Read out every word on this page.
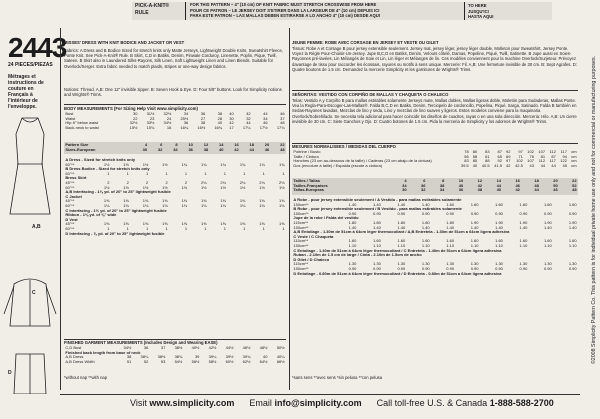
PICK-A-KNIT®
RULE
FOR THIS PATTERN – 4" (10 cm) OF KNIT FABRIC MUST STRETCH CROSSWISE FROM HERE
POUR CE PATRON – LE JERSEY DOIT S'ETIRER DANS LA LARGEUR DE 4" (10 cm) DEPUIS ICI
PARA ESTE PATRON – LAS MALLAS DEBEN ESTIRARSE A LO ANCHO 4" (10 cm) DESDE AQUI
TO HERE
JUSQU'ICI
HASTA AQUI
2443
24 PIECES/PIEZAS
Métrages et instructions de couture en Français à l'intérieur de l'enveloppe.
A,B
C
D
MISSES' DRESS WITH KNIT BODICE AND JACKET OR VEST
Fabrics: A Dress and B Bodice Sized for stretch knits only Matte Jerseys, Lightweight Double Knits, Sweatshirt Fleece, Ponte Knit. See Pick-A-Knit® Rule. B Skirt, C,D in Batiks, Denim, Pinwale Corduroy, Linenette, Poplin, Pique, Twill, Sateen. B Skirt also in Laundered Silks-Rayons, Silk Linen, Soft Lightweight Linen and Linen Blends. Suitable for Overlock/Serger. Extra fabric needed to match plaids, stripes or one-way design fabrics.
Notions: Thread. A,B: One 12" invisible zipper. B: Seven Hook & Eye. D: Four 5/8" buttons. Look for Simplicity notions and Wrights® Trims.
BODY MEASUREMENTS (For Sizing Help Visit www.simplicity.com)
Bust	30	31½	32½	34	36	38	40	42	44	46
Waist	22	23	24	25½	27	28	30	32	34	37
Hip-9" below waist	32½	33½	34½	36	38	40	42	44	46	48
Back-neck to waist	15½	15¾	16	16¼	16½	16¾	17	17¼	17½	17¾
Pattern Size	4	6	8	10	12	14	16	18	20	22
Sizes-European	30	32	34	36	38	40	42	44	46	48
A Dress - Sized for stretch knits only										
60"**	1½	1½	1½	1½	1¾	1¾	1¾	1¾	1¾	1¾
B Dress Bodice - Sized for stretch knits only										
60"**	1	1	1	1	1	1	1	1	1	1
Bress Skirt										
45"**	2	2	2	2	2	2⅛	2⅛	2⅛	2⅛	2⅛
60"**	1½	1½	1½	1½	1½	1½	1½	1½	1½	1½
A,B Interfacing - 1⅜ yd. of 20" to 25" lightweight fusible										
C Jacket										
45"**	1⅜	1⅜	1⅜	1⅜	1⅜	1⅜	1⅜	1⅜	1⅜	1⅜
60"**	1⅛	1⅛	1⅛	1⅛	1⅛	1⅛	1⅛	1⅛	1⅛	1⅛
C Interfacing - 1½ yd. of 20" to 25" lightweight fusible										
Ribbon - 1⅜ yd. of ⅜" wide										
D Vest										
45"**	1⅝	1⅝	1⅝	1⅝	1⅝	1⅝	1⅝	1⅝	1⅝	1⅝
60"**	1	1	1	1	1	1	1	1	1	1
D Interfacing - ⅞ yd. of 20" to 25" lightweight fusible										
FINISHED GARMENT MEASUREMENTS (Includes Design and Wearing EASE)
C,D Bust	34½	36	37	38½	40½	42½	44½	46½	48½	50½
Finished back length from base of neck										
A,B Dress	38	38¼	38½	38¾	39	39¼	39½	39¾	40	40¼
A,B Dress Width	51	52	53	54½	56½	58½	60½	62½	64½	66½
*without nap **with nap
JEUNE FEMME: ROBE AVEC CORSAGE EN JERSEY ET VESTE OU GILET
Tissus: Robe A et Corsage B pour jersey extensible seulement. Jersey mat, jersey léger, jersey léger double, Molleton pour Sweatshirt, Jersey Ponte. Voyez la Règle Pour-Choisir-Un-Jersey. Jupe B,C,D en Batiks, Denim, Velours côtelé, Damas, Popeline, Piqué, Twill, Satinette. B Jupe aussi en Soies-Rayonnes pré-lavées, Lin Mélangés de Soie et Lin, Lin léger et Mélanges de lin. Ces modèles conviennent pour la machine Overlock/Surjeteur. Prévoyez davantage de tissu pour raccorder les écossais, rayures ou motifs à sens unique. Mercerie: Fil. A,B: Une fermeture invisible de 30 cm. B: Sept Agrafes. D: Quatre boutons de 1.5 cm. Demandez la mercerie Simplicity et les garnitures de Wrights® Trims.
SEÑORITAS: VESTIDO CON CORPIÑO DE MALLAS Y CHAQUETA O CHALECO
Telas: Vestido A y Corpiño B para mallas estirables solamente Jerseys mate, Mallas dobles, Mallas ligeras doble, Moletón para Sudaderas, Mallas Ponte. Vea la Regla-Para-Escoger-Las-Mallas®. Falda B,C,D en Batiks, Denim, Terciopelo de cordoncillo, Popelina, Piqué, Sarga, Satinado. Falda B también en Sedas-Rayones lavadas, Mezclas de lino y seda, Lino y mezclas de lino suaves y ligeros. Estos modelos conviene para la maquinaria Overlock/Sobrehilado. Se necesita tela adicional para hacer coincidir los diseños de cuadros, rayas o en una sola dirección. Merceria: Hilo. A,B: Un cierre invisible de 30 cm. C: Siete Ganchos y Ojo. D: Cuatro botones de 1.5 cm. Pida la merceria de Simplicity y los adornos de Wrights® Trims.
MESURES NORMALISEES / MEDIDAS DEL CUERPO
Poitrine / Busto	78	80	83	87	92	97	102	107	112	117	cm
Taille / Cintura	56	58	61	65	69	71	76	81	87	94	cm
Hanches (23 cm au-dessous de la taille) / Caderas (23 cm abajo de la cintura)	83	85	88	92	97	102	107	112	117	122	cm
Dos (encolure à taille) / Espalda (escote a cintura)	39.5	40	40.5	41.5	42	42.5	43	44	44	45	cm
Tailles / Tallas	4	6	8	10	12	14	16	18	20	22
Tailles-Françaises	34	36	38	40	42	44	46	48	50	52
Tallas-Europeas	30	32	34	36	38	40	42	44	46	48
A Robe - pour jersey extensible seulement / A Vestido - para mallas estirables solamente										
150cm**	1.40	1.40	1.40	1.40	1.60	1.60	1.60	1.60	1.60	1.60
B Robe - pour jersey extensible seulement / B Vestido - para mallas estirables solamente										
150cm**	0.90	0.90	0.90	0.90	0.90	0.90	0.90	0.90	0.90	0.90
Jupe de la robe / Falda del vestido										
115cm**	1.80	1.80	1.80	1.80	1.80	1.90	1.90	1.90	1.90	1.90
150cm**	1.40	1.40	1.40	1.40	1.40	1.40	1.40	1.40	1.40	1.40
A,B Entoilage - 1.30m de 51cm à 64cm léger thermocollant / A,B Entretela - 1.30m de 51cm a 64cm ligera adhesiva										
C Veste / C Chaqueta										
115cm**	1.60	1.60	1.60	1.60	1.60	1.60	1.60	1.60	1.60	1.60
150cm**	1.10	1.10	1.10	1.10	1.10	1.10	1.10	1.10	1.10	1.10
C Entoilage - 1.40m de 51cm à 64cm léger thermocollant / C Entretela - 1.40m de 51cm a 64cm ligera adhesiva										
Ruban - 2.10m de 1.5 cm de large / Cinta - 2.10m de 1.5cm de ancho										
D Gilet / D Chaleco										
115cm**	1.30	1.30	1.30	1.30	1.30	1.30	1.30	1.30	1.30	1.30
150cm**	0.90	0.90	0.90	0.90	0.90	0.90	0.90	0.90	0.90	0.90
D Entoilage - 0.80m de 51cm à 64cm léger thermocollant / D Entretela - 0.80m de 51cm a 64cm ligera adhesiva										
*sans sens **avec sens *sin pelusa **con pelusa
©2008 Simplicity Pattern Co. This pattern is for individual private home use only and not for commercial or manufacturing purposes.
Visit www.simplicity.com Email info@simplicity.com Call toll-free U.S. & Canada 1-888-588-2700
